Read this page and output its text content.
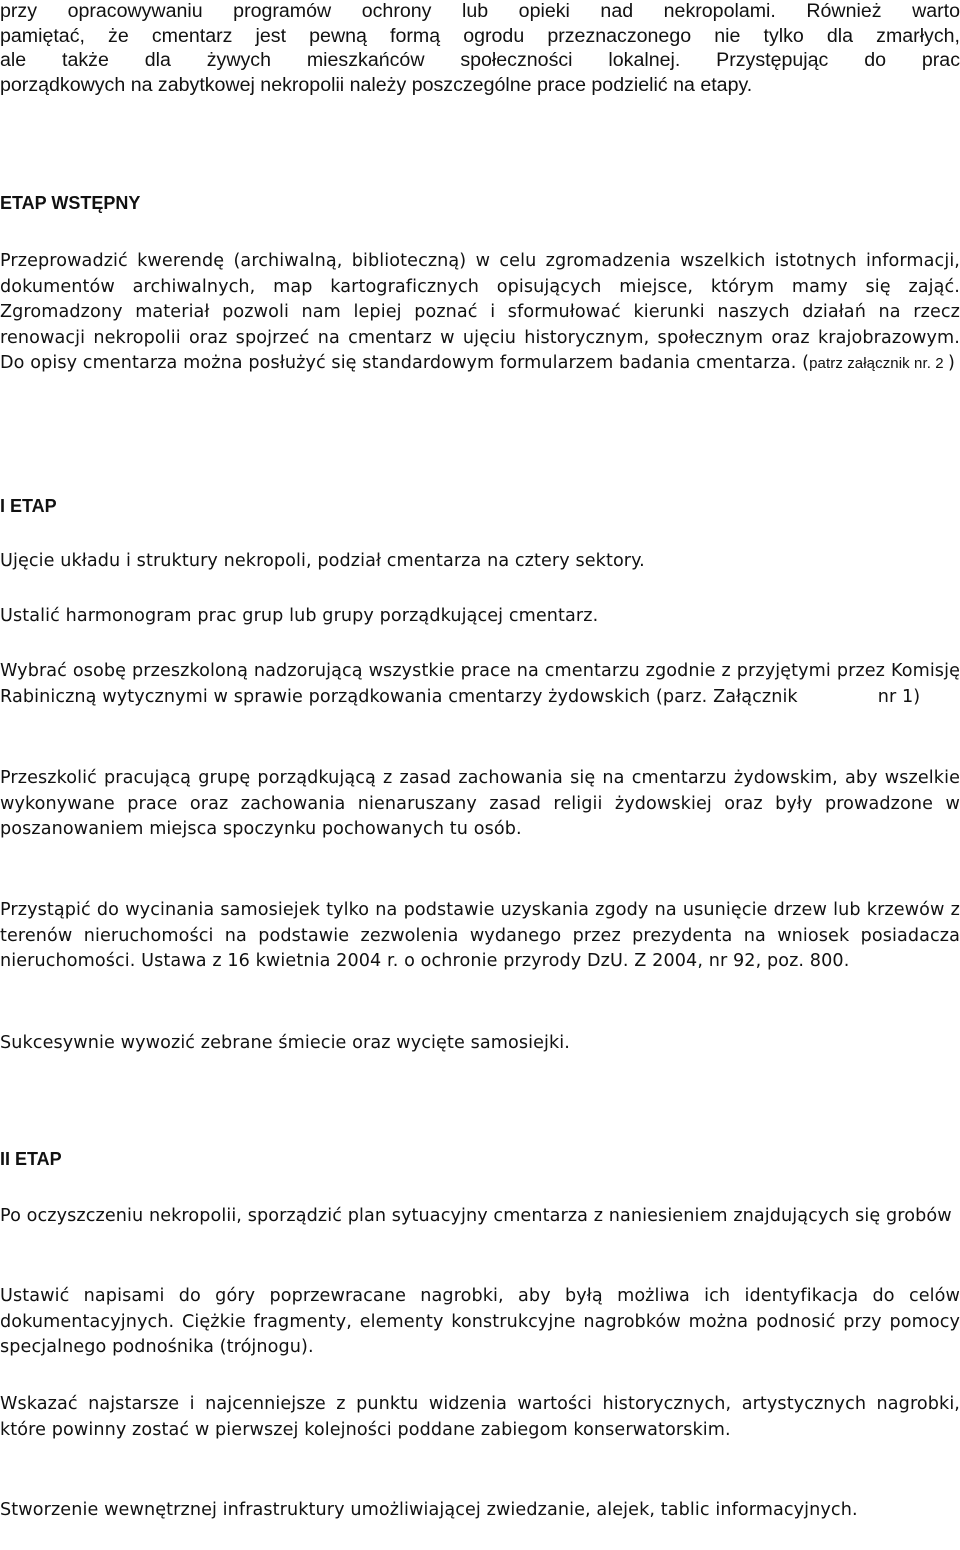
przy opracowywaniu programów ochrony lub opieki nad nekropolami. Również warto
pamiętać, że cmentarz jest pewną formą ogrodu przeznaczonego nie tylko dla zmarłych,
ale także dla żywych mieszkańców społeczności lokalnej. Przystępując do prac
porządkowych na zabytkowej nekropolii należy poszczególne prace podzielić na etapy.
ETAP WSTĘPNY

Przeprowadzić kwerendę (archiwalną, biblioteczną) w celu zgromadzenia wszelkich istotnych informacji, dokumentów archiwalnych, map kartograficznych opisujących miejsce, którym mamy się zająć. Zgromadzony materiał pozwoli nam lepiej poznać i sformułować kierunki naszych działań na rzecz renowacji nekropolii oraz spojrzeć na cmentarz w ujęciu historycznym, społecznym oraz krajobrazowym. Do opisy cmentarza można posłużyć się standardowym formularzem badania cmentarza. (patrz załącznik nr. 2 )

I ETAP

Ujęcie układu i struktury nekropoli, podział cmentarza na cztery sektory.

Ustalić harmonogram prac grup lub grupy porządkującej cmentarz.

Wybrać osobę przeszkoloną nadzorującą wszystkie prace na cmentarzu zgodnie z przyjętymi przez Komisję Rabiniczną wytycznymi w sprawie porządkowania cmentarzy żydowskich (parz. Załącznik	nr 1)

Przeszkolić pracującą grupę porządkującą z zasad zachowania się na cmentarzu żydowskim, aby wszelkie wykonywane prace oraz zachowania nienaruszany zasad religii żydowskiej oraz były prowadzone w poszanowaniem miejsca spoczynku pochowanych tu osób.

Przystąpić do wycinania samosiejek tylko na podstawie uzyskania zgody na usunięcie drzew lub krzewów z terenów nieruchomości na podstawie zezwolenia wydanego przez prezydenta na wniosek posiadacza nieruchomości. Ustawa z 16 kwietnia 2004 r. o ochronie przyrody DzU. Z 2004, nr 92, poz. 800.

Sukcesywnie wywozić zebrane śmiecie oraz wycięte samosiejki.

II ETAP

Po oczyszczeniu nekropolii, sporządzić plan sytuacyjny cmentarza z naniesieniem znajdujących się grobów

Ustawić napisami do góry poprzewracane nagrobki, aby byłą możliwa ich identyfikacja do celów dokumentacyjnych. Ciężkie fragmenty, elementy konstrukcyjne nagrobków można podnosić przy pomocy specjalnego podnośnika (trójnogu).

Wskazać najstarsze i najcenniejsze z punktu widzenia wartości historycznych, artystycznych nagrobki, które powinny zostać w pierwszej kolejności poddane zabiegom konserwatorskim.

Stworzenie wewnętrznej infrastruktury umożliwiającej zwiedzanie, alejek, tablic informacyjnych.
